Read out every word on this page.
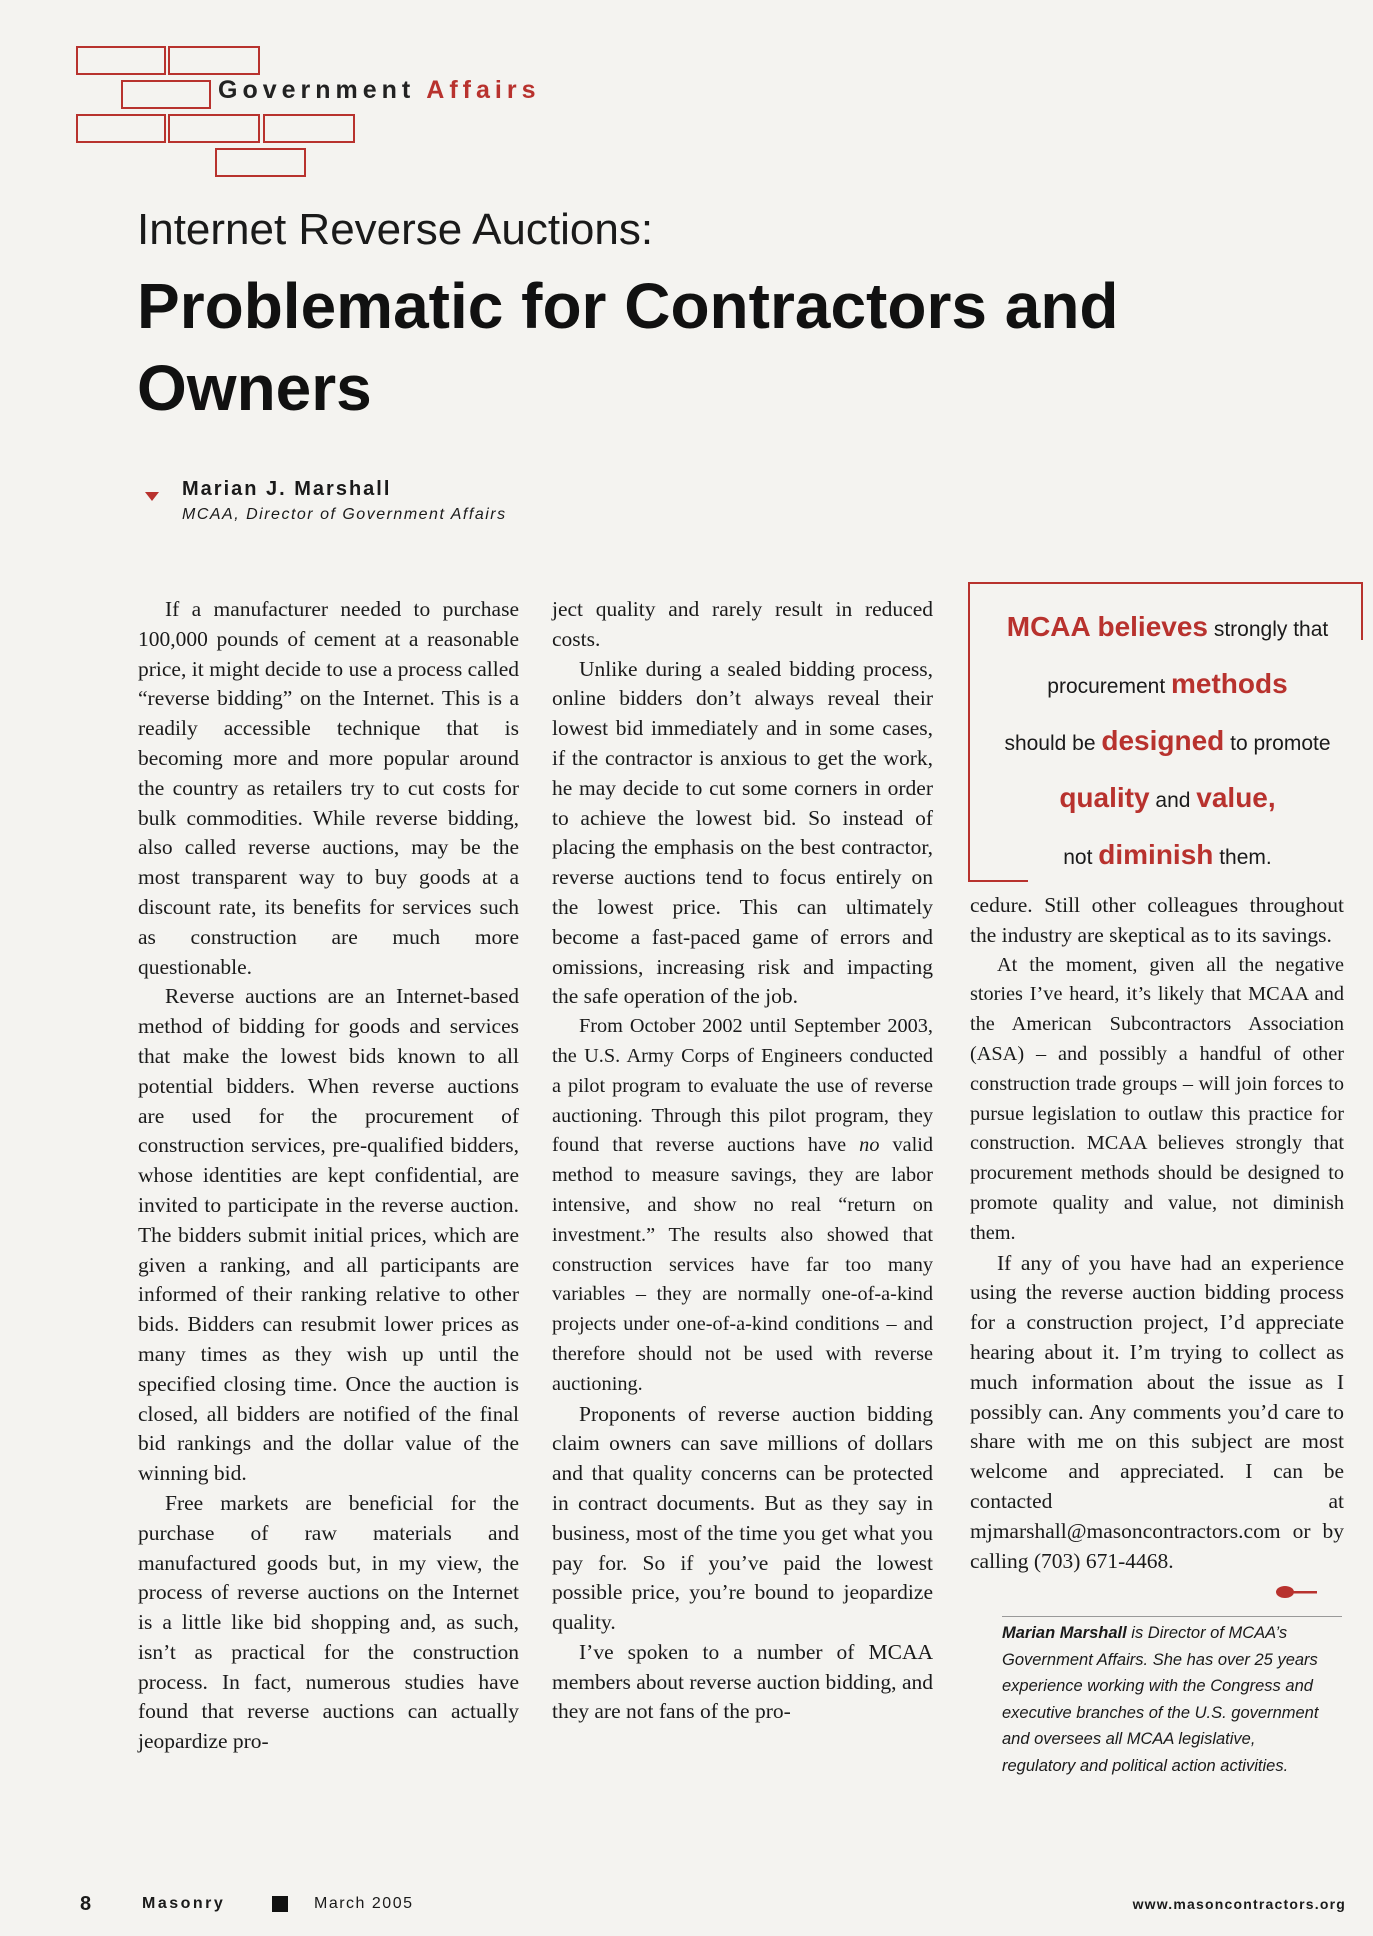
Government Affairs
Internet Reverse Auctions:
Problematic for Contractors and Owners
Marian J. Marshall
MCAA, Director of Government Affairs

If a manufacturer needed to purchase 100,000 pounds of cement at a reasonable price, it might decide to use a process called “reverse bidding” on the Internet. This is a readily accessible technique that is becoming more and more popular around the country as retailers try to cut costs for bulk commodities. While reverse bidding, also called reverse auctions, may be the most transparent way to buy goods at a discount rate, its benefits for services such as construction are much more questionable.

Reverse auctions are an Internet-based method of bidding for goods and services that make the lowest bids known to all potential bidders. When reverse auctions are used for the procurement of construction services, pre-qualified bidders, whose identities are kept confidential, are invited to participate in the reverse auction. The bidders submit initial prices, which are given a ranking, and all participants are informed of their ranking relative to other bids. Bidders can resubmit lower prices as many times as they wish up until the specified closing time. Once the auction is closed, all bidders are notified of the final bid rankings and the dollar value of the winning bid.

Free markets are beneficial for the purchase of raw materials and manufactured goods but, in my view, the process of reverse auctions on the Internet is a little like bid shopping and, as such, isn’t as practical for the construction process. In fact, numerous studies have found that reverse auctions can actually jeopardize pro-

ject quality and rarely result in reduced costs.

Unlike during a sealed bidding process, online bidders don’t always reveal their lowest bid immediately and in some cases, if the contractor is anxious to get the work, he may decide to cut some corners in order to achieve the lowest bid. So instead of placing the emphasis on the best contractor, reverse auctions tend to focus entirely on the lowest price. This can ultimately become a fast-paced game of errors and omissions, increasing risk and impacting the safe operation of the job.

From October 2002 until September 2003, the U.S. Army Corps of Engineers conducted a pilot program to evaluate the use of reverse auctioning. Through this pilot program, they found that reverse auctions have no valid method to measure savings, they are labor intensive, and show no real “return on investment.” The results also showed that construction services have far too many variables – they are normally one-of-a-kind projects under one-of-a-kind conditions – and therefore should not be used with reverse auctioning.

Proponents of reverse auction bidding claim owners can save millions of dollars and that quality concerns can be protected in contract documents. But as they say in business, most of the time you get what you pay for. So if you’ve paid the lowest possible price, you’re bound to jeopardize quality.

I’ve spoken to a number of MCAA members about reverse auction bidding, and they are not fans of the pro-

MCAA believes strongly that
procurement methods
should be designed to promote
quality and value,
not diminish them.

cedure. Still other colleagues throughout the industry are skeptical as to its savings.

At the moment, given all the negative stories I’ve heard, it’s likely that MCAA and the American Subcontractors Association (ASA) – and possibly a handful of other construction trade groups – will join forces to pursue legislation to outlaw this practice for construction. MCAA believes strongly that procurement methods should be designed to promote quality and value, not diminish them.

If any of you have had an experience using the reverse auction bidding process for a construction project, I’d appreciate hearing about it. I’m trying to collect as much information about the issue as I possibly can. Any comments you’d care to share with me on this subject are most welcome and appreciated. I can be contacted at mjmarshall@masoncontractors.com or by calling (703) 671-4468.

Marian Marshall is Director of MCAA’s Government Affairs. She has over 25 years experience working with the Congress and executive branches of the U.S. government and oversees all MCAA legislative, regulatory and political action activities.
8	Masonry	March 2005	www.masoncontractors.org
